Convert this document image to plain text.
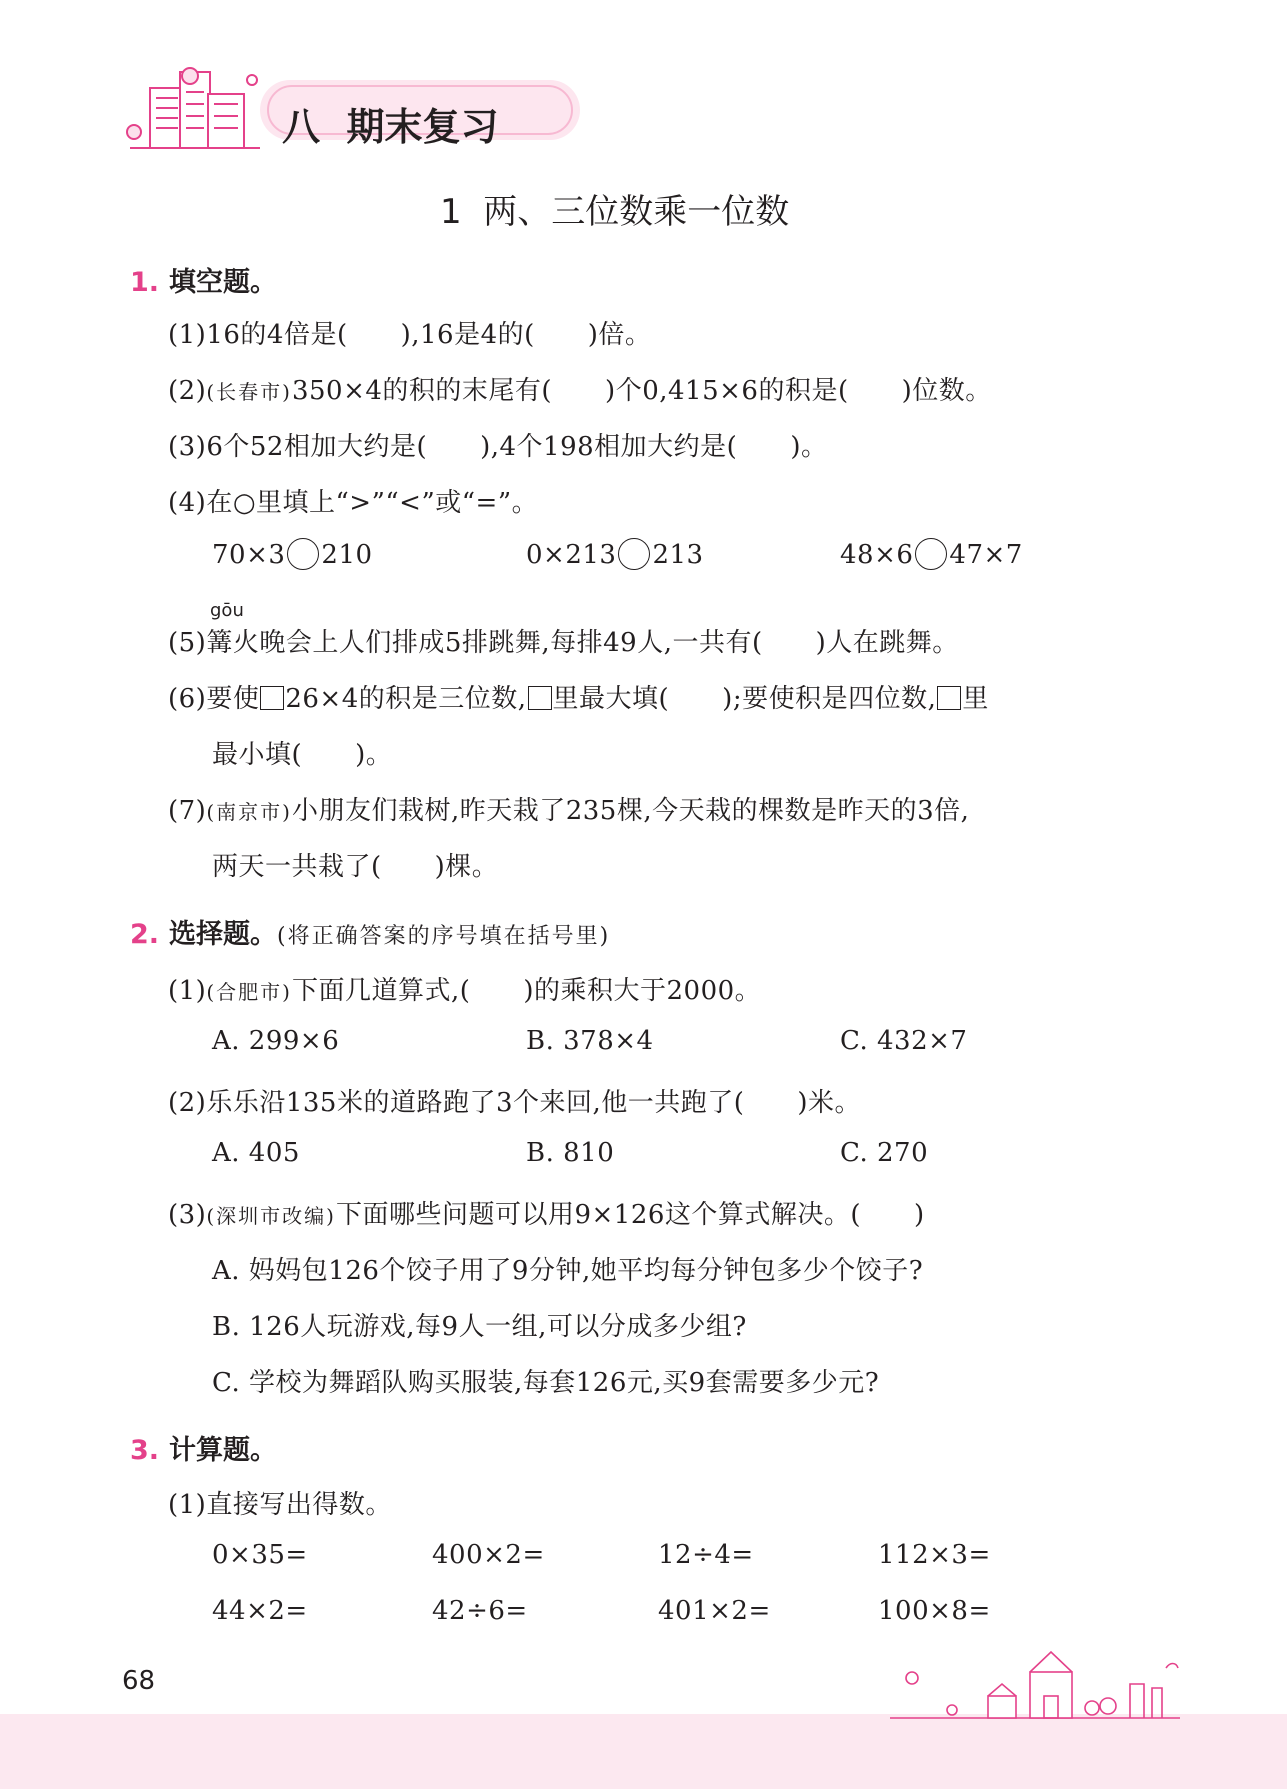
八  期末复习
1  两、三位数乘一位数
1. 填空题。
(1)16的4倍是(　　),16是4的(　　)倍。
(2)(长春市)350×4的积的末尾有(　　)个0,415×6的积是(　　)位数。
(3)6个52相加大约是(　　),4个198相加大约是(　　)。
(4)在○里填上“>”“<”或“=”。
70×3 210	0×213 213	48×6 47×7
gōu
(5)篝火晚会上人们排成5排跳舞,每排49人,一共有(　　)人在跳舞。
(6)要使 26×4的积是三位数, 里最大填(　　);要使积是四位数, 里
最小填(　　)。
(7)(南京市)小朋友们栽树,昨天栽了235棵,今天栽的棵数是昨天的3倍,
两天一共栽了(　　)棵。
2. 选择题。(将正确答案的序号填在括号里)
(1)(合肥市)下面几道算式,(　　)的乘积大于2000。
A. 299×6	B. 378×4	C. 432×7
(2)乐乐沿135米的道路跑了3个来回,他一共跑了(　　)米。
A. 405	B. 810	C. 270
(3)(深圳市改编)下面哪些问题可以用9×126这个算式解决。(　　)
A. 妈妈包126个饺子用了9分钟,她平均每分钟包多少个饺子?
B. 126人玩游戏,每9人一组,可以分成多少组?
C. 学校为舞蹈队购买服装,每套126元,买9套需要多少元?
3. 计算题。
(1)直接写出得数。
0×35=	400×2=	12÷4=	112×3=
44×2=	42÷6=	401×2=	100×8=
68
